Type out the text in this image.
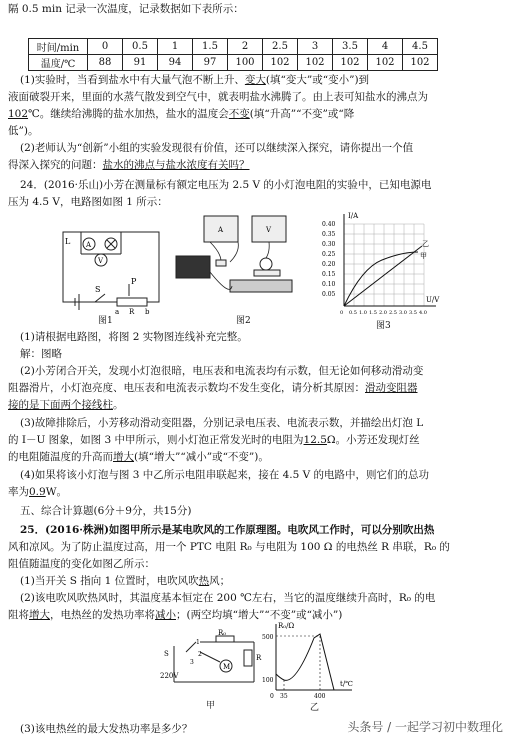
隔 0.5 min 记录一次温度，记录数据如下表所示：
时间/min	0	0.5	1	1.5	2	2.5	3	3.5	4	4.5
温度/℃	88	91	94	97	100	102	102	102	102	102
(1)实验时，当看到盐水中有大量气泡不断上升、变大(填“变大”或“变小”)到
液面破裂开来，里面的水蒸气散发到空气中，就表明盐水沸腾了。由上表可知盐水的沸点为
102℃。继续给沸腾的盐水加热，盐水的温度会不变(填“升高”“不变”或“降
低”)。
(2)老师认为“创新”小组的实验发现很有价值，还可以继续深入探究，请你提出一个值
得深入探究的问题：盐水的沸点与盐水浓度有关吗？
24．(2016·乐山)小芳在测量标有额定电压为 2.5 V 的小灯泡电阻的实验中，已知电源电
压为 4.5 V，电路图如图 1 所示：
L
V
A
S
P
a R b
图1
A	V
图2
I/A
U/V
0.40
0.35
0.30
0.25
0.20
0.15
0.10
0.05
0 0.5 1.0 1.5 2.0 2.5 3.0 3.5 4.0
乙
甲
图3
(1)请根据电路图，将图 2 实物图连线补充完整。
解：图略
(2)小芳闭合开关，发现小灯泡很暗，电压表和电流表均有示数，但无论如何移动滑动变
阻器滑片，小灯泡亮度、电压表和电流表示数均不发生变化，请分析其原因：滑动变阻器
接的是下面两个接线柱。
(3)故障排除后，小芳移动滑动变阻器，分别记录电压表、电流表示数，并描绘出灯泡 L
的 I－U 图象，如图 3 中甲所示，则小灯泡正常发光时的电阻为12.5Ω。小芳还发现灯丝
的电阻随温度的升高而增大(填“增大”“减小”或“不变”)。
(4)如果将该小灯泡与图 3 中乙所示电阻串联起来，接在 4.5 V 的电路中，则它们的总功
率为0.9W。
五、综合计算题(6分＋9分，共15分)
25．(2016·株洲)如图甲所示是某电吹风的工作原理图。电吹风工作时，可以分别吹出热
风和凉风。为了防止温度过高，用一个 PTC 电阻 R₀ 与电阻为 100 Ω 的电热丝 R 串联，R₀ 的
阻值随温度的变化如图乙所示：
(1)当开关 S 指向 1 位置时，电吹风吹热风；
(2)该电吹风吹热风时，其温度基本恒定在 200 ℃左右，当它的温度继续升高时，R₀ 的电
阻将增大，电热丝的发热功率将减小；(两空均填“增大”“不变”或“减小”)
S
R₀
R
M
220V
1
2
3
甲
R₀/Ω
t/℃
500
100
0 35	400
乙
(3)该电热丝的最大发热功率是多少？	头条号 / 一起学习初中数理化
